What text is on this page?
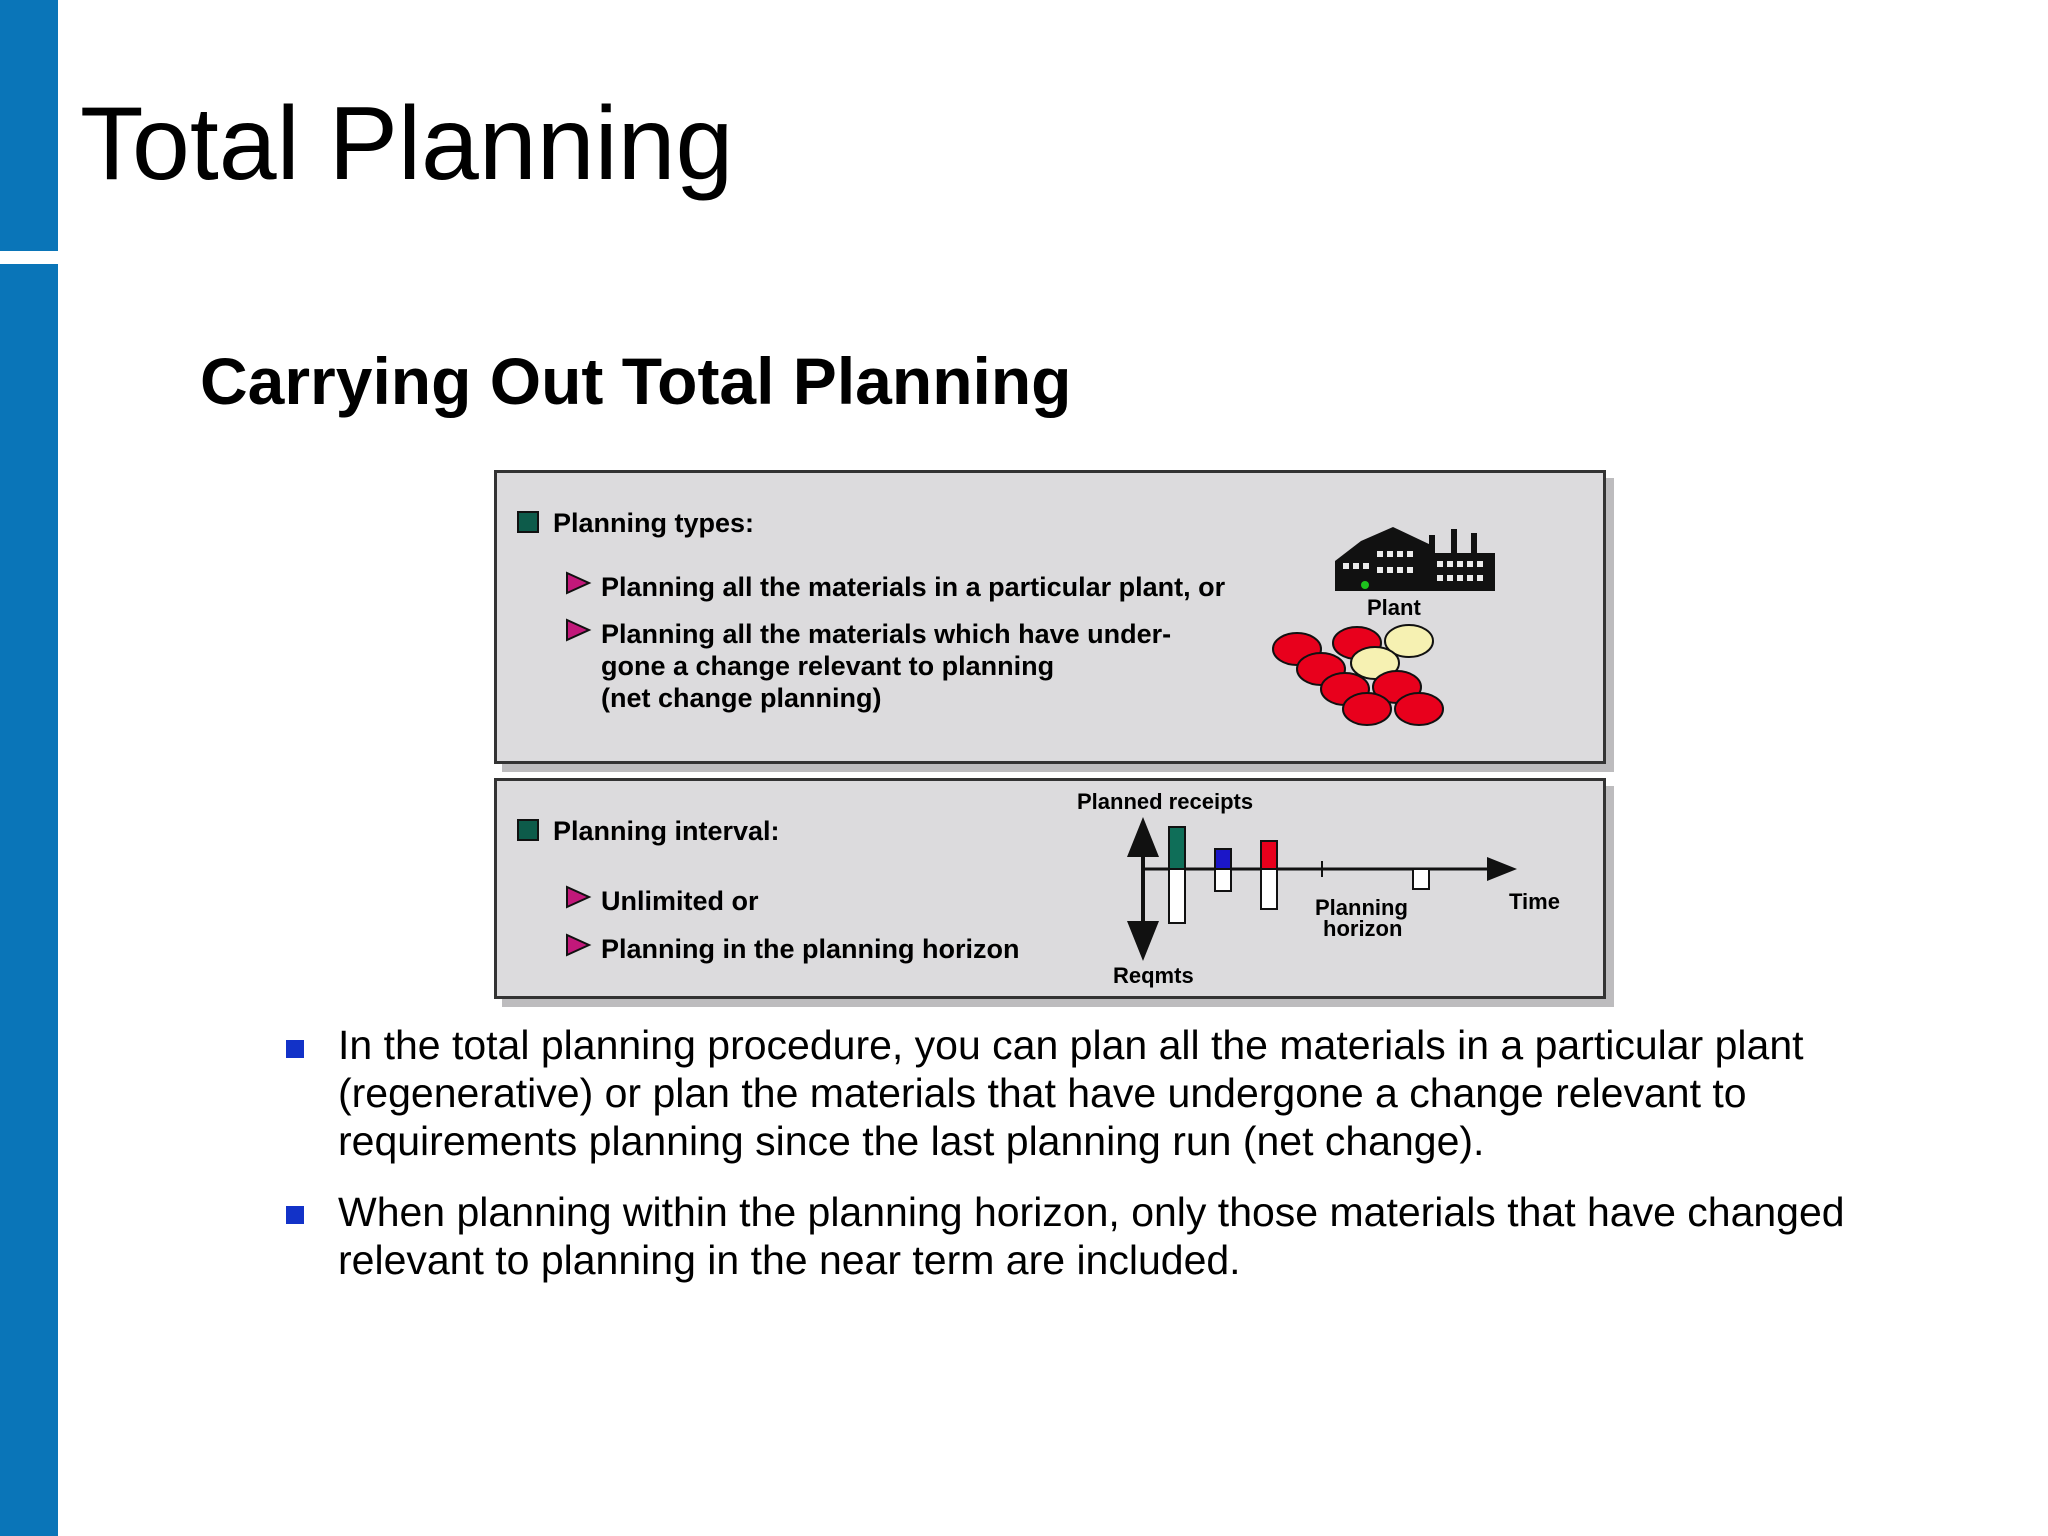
Total Planning
Carrying Out Total Planning
Planning types:
Planning all the materials in a particular plant, or
Planning all the materials which have under-
gone a change relevant to planning
(net change planning)
Plant
Planning interval:
Unlimited or
Planning in the planning horizon
Planned receipts
Reqmts
Time
Planning
horizon
In the total planning procedure, you can plan all the materials in a particular plant (regenerative) or plan the materials that have undergone a change relevant to requirements planning since the last planning run (net change).
When planning within the planning horizon, only those materials that have changed relevant to planning in the near term are included.
